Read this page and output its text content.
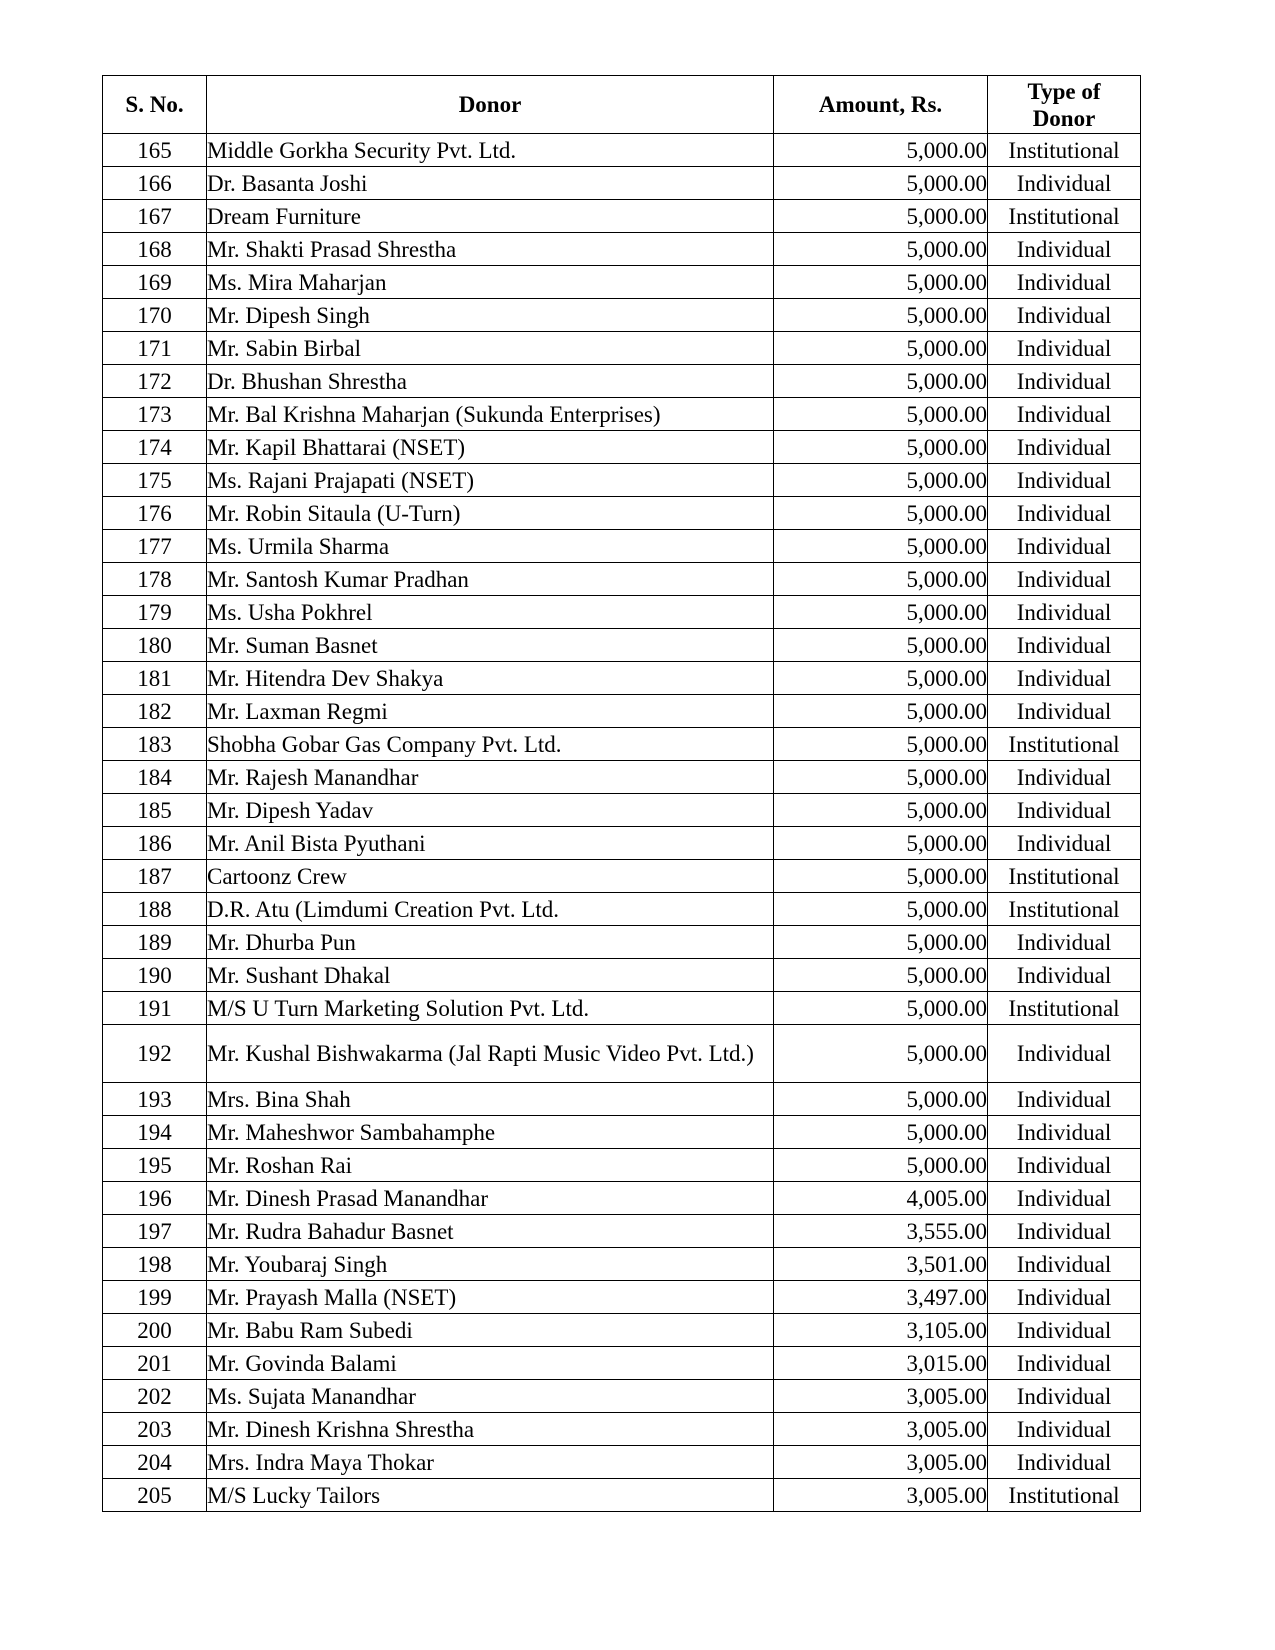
S. No.	Donor	Amount, Rs.	Type of
Donor

165	Middle Gorkha Security Pvt. Ltd.	5,000.00	Institutional
166	Dr. Basanta Joshi	5,000.00	Individual
167	Dream Furniture	5,000.00	Institutional
168	Mr. Shakti Prasad Shrestha	5,000.00	Individual
169	Ms. Mira Maharjan	5,000.00	Individual
170	Mr. Dipesh Singh	5,000.00	Individual
171	Mr. Sabin Birbal	5,000.00	Individual
172	Dr. Bhushan Shrestha	5,000.00	Individual
173	Mr. Bal Krishna Maharjan (Sukunda Enterprises)	5,000.00	Individual
174	Mr. Kapil Bhattarai (NSET)	5,000.00	Individual
175	Ms. Rajani Prajapati (NSET)	5,000.00	Individual
176	Mr. Robin Sitaula (U-Turn)	5,000.00	Individual
177	Ms. Urmila Sharma	5,000.00	Individual
178	Mr. Santosh Kumar Pradhan	5,000.00	Individual
179	Ms. Usha Pokhrel	5,000.00	Individual
180	Mr. Suman Basnet	5,000.00	Individual
181	Mr. Hitendra Dev Shakya	5,000.00	Individual
182	Mr. Laxman Regmi	5,000.00	Individual
183	Shobha Gobar Gas Company Pvt. Ltd.	5,000.00	Institutional
184	Mr. Rajesh Manandhar	5,000.00	Individual
185	Mr. Dipesh Yadav	5,000.00	Individual
186	Mr. Anil Bista Pyuthani	5,000.00	Individual
187	Cartoonz Crew	5,000.00	Institutional
188	D.R. Atu (Limdumi Creation Pvt. Ltd.	5,000.00	Institutional
189	Mr. Dhurba Pun	5,000.00	Individual
190	Mr. Sushant Dhakal	5,000.00	Individual
191	M/S U Turn Marketing Solution Pvt. Ltd.	5,000.00	Institutional
192	Mr. Kushal Bishwakarma (Jal Rapti Music Video Pvt. Ltd.)	5,000.00	Individual
193	Mrs. Bina Shah	5,000.00	Individual
194	Mr. Maheshwor Sambahamphe	5,000.00	Individual
195	Mr. Roshan Rai	5,000.00	Individual
196	Mr. Dinesh Prasad Manandhar	4,005.00	Individual
197	Mr. Rudra Bahadur Basnet	3,555.00	Individual
198	Mr. Youbaraj Singh	3,501.00	Individual
199	Mr. Prayash Malla (NSET)	3,497.00	Individual
200	Mr. Babu Ram Subedi	3,105.00	Individual
201	Mr. Govinda Balami	3,015.00	Individual
202	Ms. Sujata Manandhar	3,005.00	Individual
203	Mr. Dinesh Krishna Shrestha	3,005.00	Individual
204	Mrs. Indra Maya Thokar	3,005.00	Individual
205	M/S Lucky Tailors	3,005.00	Institutional
